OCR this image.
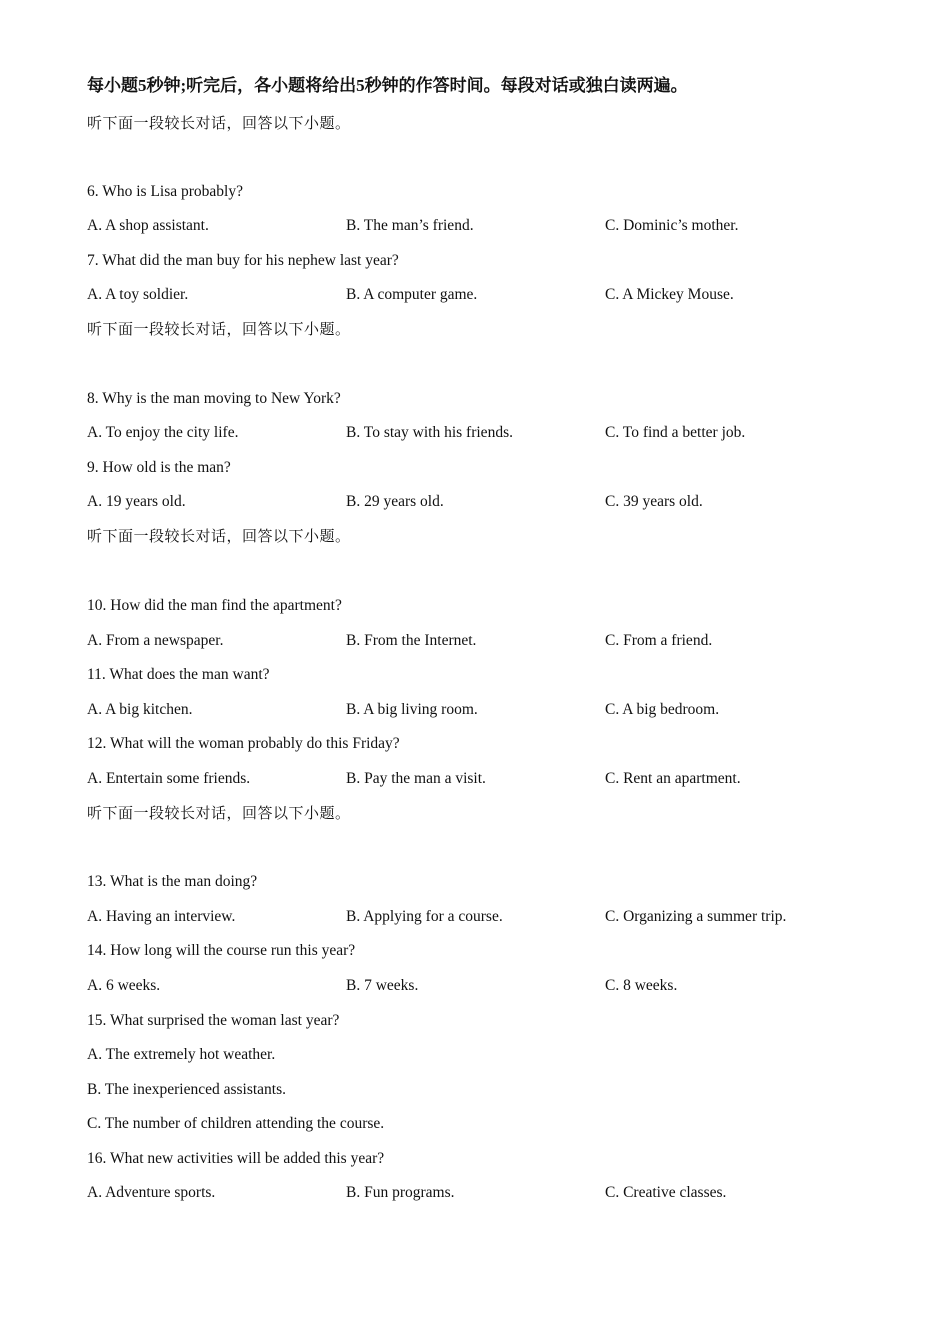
每小题5秒钟;听完后，各小题将给出5秒钟的作答时间。每段对话或独白读两遍。
听下面一段较长对话，回答以下小题。
6. Who is Lisa probably?
A. A shop assistant.	B. The man’s friend.	C. Dominic’s mother.
7. What did the man buy for his nephew last year?
A. A toy soldier.	B. A computer game.	C. A Mickey Mouse.
听下面一段较长对话，回答以下小题。
8. Why is the man moving to New York?
A. To enjoy the city life.	B. To stay with his friends.	C. To find a better job.
9. How old is the man?
A. 19 years old.	B. 29 years old.	C. 39 years old.
听下面一段较长对话，回答以下小题。
10. How did the man find the apartment?
A. From a newspaper.	B. From the Internet.	C. From a friend.
11. What does the man want?
A. A big kitchen.	B. A big living room.	C. A big bedroom.
12. What will the woman probably do this Friday?
A. Entertain some friends.	B. Pay the man a visit.	C. Rent an apartment.
听下面一段较长对话，回答以下小题。
13. What is the man doing?
A. Having an interview.	B. Applying for a course.	C. Organizing a summer trip.
14. How long will the course run this year?
A. 6 weeks.	B. 7 weeks.	C. 8 weeks.
15. What surprised the woman last year?
A. The extremely hot weather.
B. The inexperienced assistants.
C. The number of children attending the course.
16. What new activities will be added this year?
A. Adventure sports.	B. Fun programs.	C. Creative classes.
